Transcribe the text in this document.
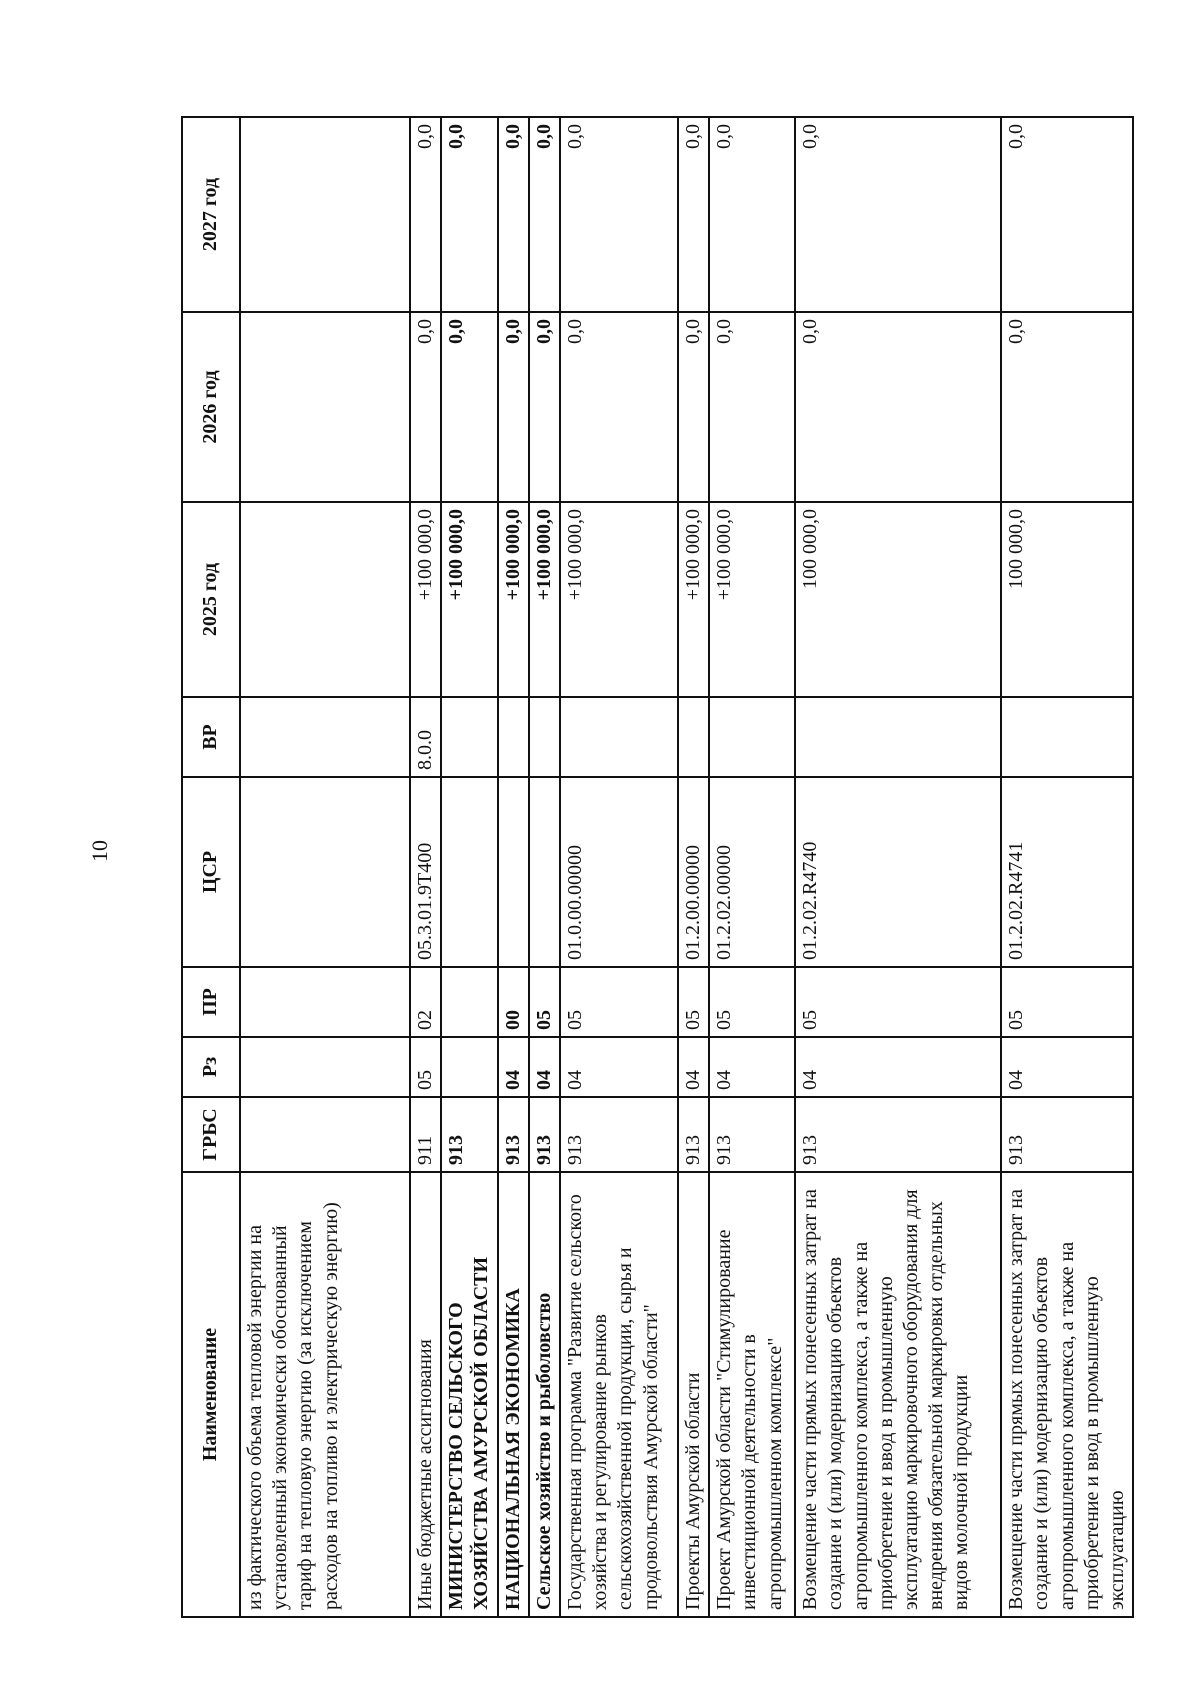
10
Наименование	ГРБС	Рз	ПР	ЦСР	ВР	2025 год	2026 год	2027 год
из фактического объема тепловой энергии на установленный экономически обоснованный тариф на тепловую энергию (за исключением расходов на топливо и электрическую энергию)								
Иные бюджетные ассигнования	911	05	02	05.3.01.9Т400	8.0.0	+100 000,0	0,0	0,0
МИНИСТЕРСТВО СЕЛЬСКОГО ХОЗЯЙСТВА АМУРСКОЙ ОБЛАСТИ	913					+100 000,0	0,0	0,0
НАЦИОНАЛЬНАЯ ЭКОНОМИКА	913	04	00			+100 000,0	0,0	0,0
Сельское хозяйство и рыболовство	913	04	05			+100 000,0	0,0	0,0
Государственная программа "Развитие сельского хозяйства и регулирование рынков сельскохозяйственной продукции, сырья и продовольствия Амурской области"	913	04	05	01.0.00.00000		+100 000,0	0,0	0,0
Проекты Амурской области	913	04	05	01.2.00.00000		+100 000,0	0,0	0,0
Проект Амурской области "Стимулирование инвестиционной деятельности в агропромышленном комплексе"	913	04	05	01.2.02.00000		+100 000,0	0,0	0,0
Возмещение части прямых понесенных затрат на создание и (или) модернизацию объектов агропромышленного комплекса, а также на приобретение и ввод в промышленную эксплуатацию маркировочного оборудования для внедрения обязательной маркировки отдельных видов молочной продукции	913	04	05	01.2.02.R4740		100 000,0	0,0	0,0
Возмещение части прямых понесенных затрат на создание и (или) модернизацию объектов агропромышленного комплекса, а также на приобретение и ввод в промышленную эксплуатацию	913	04	05	01.2.02.R4741		100 000,0	0,0	0,0
